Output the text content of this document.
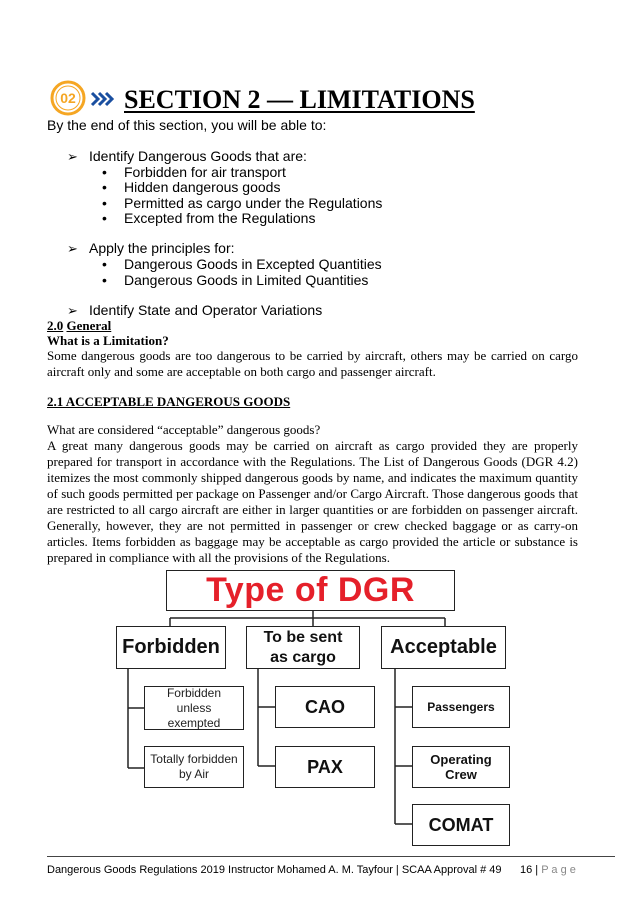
02 SECTION 2 — LIMITATIONS
By the end of this section, you will be able to:
➢ Identify Dangerous Goods that are:
• Forbidden for air transport
• Hidden dangerous goods
• Permitted as cargo under the Regulations
• Excepted from the Regulations
➢ Apply the principles for:
• Dangerous Goods in Excepted Quantities
• Dangerous Goods in Limited Quantities
➢ Identify State and Operator Variations
2.0 General
What is a Limitation?
Some dangerous goods are too dangerous to be carried by aircraft, others may be carried on cargo aircraft only and some are acceptable on both cargo and passenger aircraft.
2.1 ACCEPTABLE DANGEROUS GOODS
What are considered “acceptable” dangerous goods?
A great many dangerous goods may be carried on aircraft as cargo provided they are properly prepared for transport in accordance with the Regulations. The List of Dangerous Goods (DGR 4.2) itemizes the most commonly shipped dangerous goods by name, and indicates the maximum quantity of such goods permitted per package on Passenger and/or Cargo Aircraft. Those dangerous goods that are restricted to all cargo aircraft are either in larger quantities or are forbidden on passenger aircraft. Generally, however, they are not permitted in passenger or crew checked baggage or as carry-on articles. Items forbidden as baggage may be acceptable as cargo provided the article or substance is prepared in compliance with all the provisions of the Regulations.
Type of DGR
Forbidden	To be sent as cargo	Acceptable
Forbidden unless exempted
Totally forbidden by Air
CAO
PAX
Passengers
Operating Crew
COMAT
Dangerous Goods Regulations 2019 Instructor Mohamed A. M. Tayfour | SCAA Approval # 49 16 | P a g e
